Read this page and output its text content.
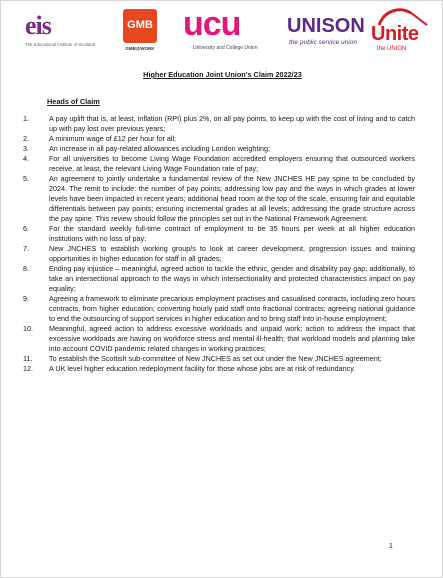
eis
The Educational Institute of Scotland
GMB
GMB@WORK
ucu
University and College Union
UNISON
the public service union Unite
the UNION
Higher Education Joint Union's Claim 2022/23
Heads of Claim
1.	A pay uplift that is, at least, inflation (RPI) plus 2%, on all pay points, to keep up with the cost of living and to catch up with pay lost over previous years;
2.	A minimum wage of £12 per hour for all;
3.	An increase in all pay-related allowances including London weighting;
4.	For all universities to become Living Wage Foundation accredited employers ensuring that outsourced workers receive, at least, the relevant Living Wage Foundation rate of pay;
5.	An agreement to jointly undertake a fundamental review of the New JNCHES HE pay spine to be concluded by 2024. The remit to include: the number of pay points; addressing low pay and the ways in which grades at lower levels have been impacted in recent years; additional head room at the top of the scale, ensuring fair and equitable differentials between pay points; ensuring incremental grades at all levels; addressing the grade structure across the pay spine. This review should follow the principles set out in the National Framework Agreement.
6.	For the standard weekly full-time contract of employment to be 35 hours per week at all higher education institutions with no loss of pay;
7.	New JNCHES to establish working group/s to look at career development, progression issues and training opportunities in higher education for staff in all grades;
8.	Ending pay injustice – meaningful, agreed action to tackle the ethnic, gender and disability pay gap; additionally, to take an intersectional approach to the ways in which intersectionality and protected characteristics impact on pay equality;
9.	Agreeing a framework to eliminate precarious employment practises and casualised contracts, including zero hours contracts, from higher education; converting hourly paid staff onto fractional contracts; agreeing national guidance to end the outsourcing of support services in higher education and to bring staff into in-house employment;
10.	Meaningful, agreed action to address excessive workloads and unpaid work; action to address the impact that excessive workloads are having on workforce stress and mental ill-health; that workload models and planning take into account COVID pandemic related changes in working practices;
11.	To establish the Scottish sub-committee of New JNCHES as set out under the New JNCHES agreement;
12.	A UK level higher education redeployment facility for those whose jobs are at risk of redundancy.
1
